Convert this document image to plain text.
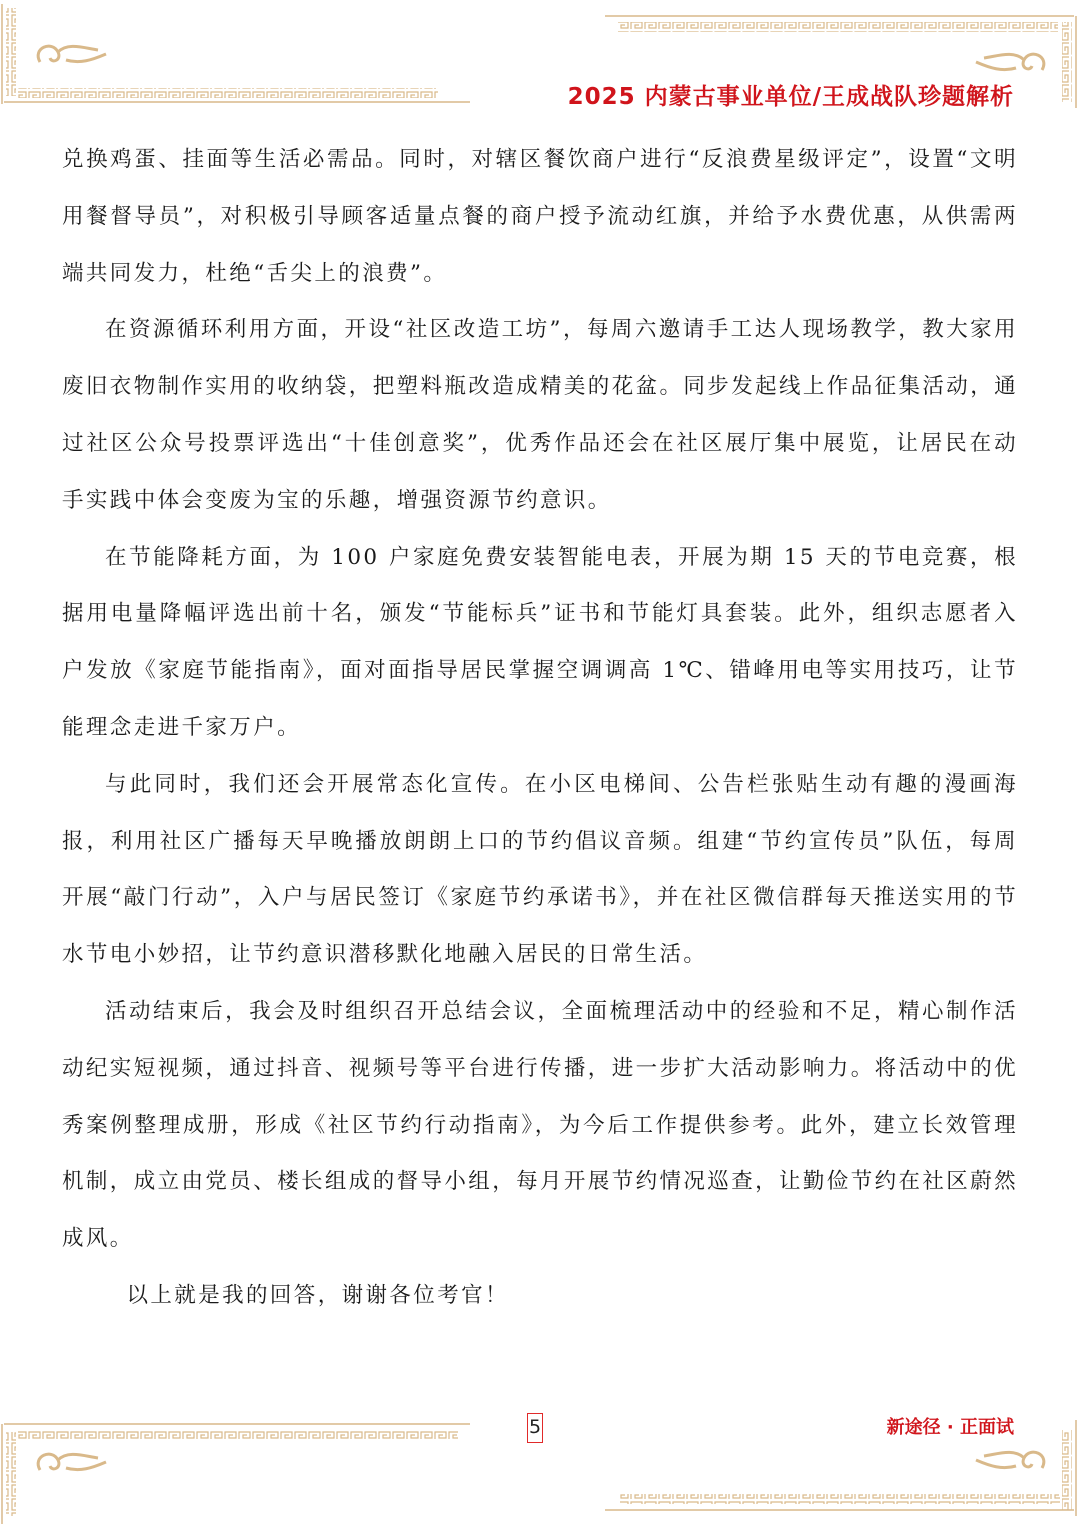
2025 内蒙古事业单位/王成战队珍题解析

兑换鸡蛋、挂面等生活必需品。同时，对辖区餐饮商户进行“反浪费星级评定”，设置“文明用餐督导员”，对积极引导顾客适量点餐的商户授予流动红旗，并给予水费优惠，从供需两端共同发力，杜绝“舌尖上的浪费”。

在资源循环利用方面，开设“社区改造工坊”，每周六邀请手工达人现场教学，教大家用废旧衣物制作实用的收纳袋，把塑料瓶改造成精美的花盆。同步发起线上作品征集活动，通过社区公众号投票评选出“十佳创意奖”，优秀作品还会在社区展厅集中展览，让居民在动手实践中体会变废为宝的乐趣，增强资源节约意识。

在节能降耗方面，为 100 户家庭免费安装智能电表，开展为期 15 天的节电竞赛，根据用电量降幅评选出前十名，颁发“节能标兵”证书和节能灯具套装。此外，组织志愿者入户发放《家庭节能指南》，面对面指导居民掌握空调调高 1℃、错峰用电等实用技巧，让节能理念走进千家万户。

与此同时，我们还会开展常态化宣传。在小区电梯间、公告栏张贴生动有趣的漫画海报，利用社区广播每天早晚播放朗朗上口的节约倡议音频。组建“节约宣传员”队伍，每周开展“敲门行动”，入户与居民签订《家庭节约承诺书》，并在社区微信群每天推送实用的节水节电小妙招，让节约意识潜移默化地融入居民的日常生活。

活动结束后，我会及时组织召开总结会议，全面梳理活动中的经验和不足，精心制作活动纪实短视频，通过抖音、视频号等平台进行传播，进一步扩大活动影响力。将活动中的优秀案例整理成册，形成《社区节约行动指南》，为今后工作提供参考。此外，建立长效管理机制，成立由党员、楼长组成的督导小组，每月开展节约情况巡查，让勤俭节约在社区蔚然成风。

以上就是我的回答，谢谢各位考官！

5	新途径 · 正面试
